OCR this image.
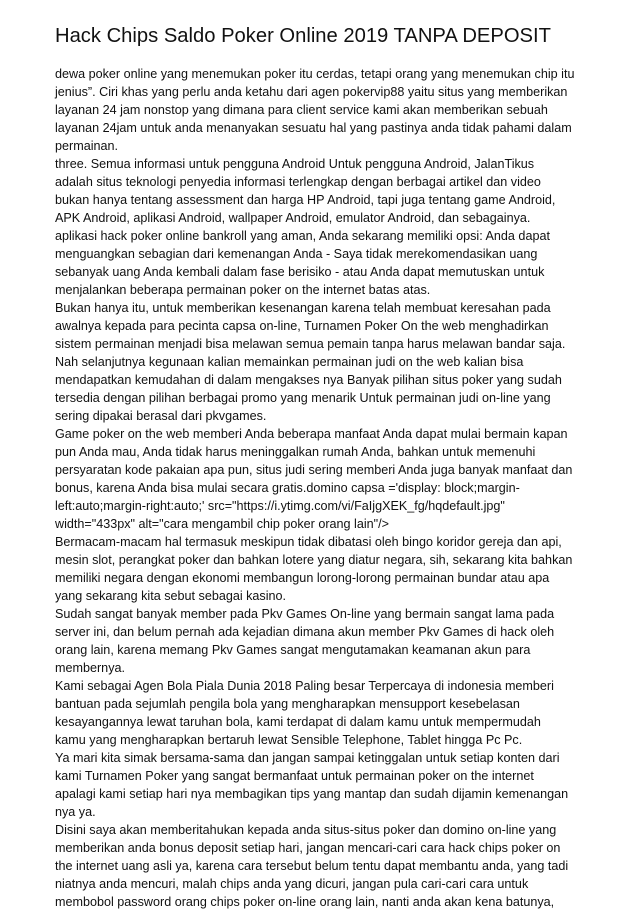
Hack Chips Saldo Poker Online 2019 TANPA DEPOSIT

dewa poker online yang menemukan poker itu cerdas, tetapi orang yang menemukan chip itu
jenius”. Ciri khas yang perlu anda ketahu dari agen pokervip88 yaitu situs yang memberikan
layanan 24 jam nonstop yang dimana para client service kami akan memberikan sebuah
layanan 24jam untuk anda menanyakan sesuatu hal yang pastinya anda tidak pahami dalam
permainan.

three. Semua informasi untuk pengguna Android Untuk pengguna Android, JalanTikus
adalah situs teknologi penyedia informasi terlengkap dengan berbagai artikel dan video
bukan hanya tentang assessment dan harga HP Android, tapi juga tentang game Android,
APK Android, aplikasi Android, wallpaper Android, emulator Android, dan sebagainya.
aplikasi hack poker online bankroll yang aman, Anda sekarang memiliki opsi: Anda dapat
menguangkan sebagian dari kemenangan Anda - Saya tidak merekomendasikan uang
sebanyak uang Anda kembali dalam fase berisiko - atau Anda dapat memutuskan untuk
menjalankan beberapa permainan poker on the internet batas atas.

Bukan hanya itu, untuk memberikan kesenangan karena telah membuat keresahan pada
awalnya kepada para pecinta capsa on-line, Turnamen Poker On the web menghadirkan
sistem permainan menjadi bisa melawan semua pemain tanpa harus melawan bandar saja.
Nah selanjutnya kegunaan kalian memainkan permainan judi on the web kalian bisa
mendapatkan kemudahan di dalam mengakses nya Banyak pilihan situs poker yang sudah
tersedia dengan pilihan berbagai promo yang menarik Untuk permainan judi on-line yang
sering dipakai berasal dari pkvgames.

Game poker on the web memberi Anda beberapa manfaat Anda dapat mulai bermain kapan
pun Anda mau, Anda tidak harus meninggalkan rumah Anda, bahkan untuk memenuhi
persyaratan kode pakaian apa pun, situs judi sering memberi Anda juga banyak manfaat dan
bonus, karena Anda bisa mulai secara gratis.domino capsa ='display: block;margin-
left:auto;margin-right:auto;' src="https://i.ytimg.com/vi/FaIjgXEK_fg/hqdefault.jpg"
width="433px" alt="cara mengambil chip poker orang lain"/>

Bermacam-macam hal termasuk meskipun tidak dibatasi oleh bingo koridor gereja dan api,
mesin slot, perangkat poker dan bahkan lotere yang diatur negara, sih, sekarang kita bahkan
memiliki negara dengan ekonomi membangun lorong-lorong permainan bundar atau apa
yang sekarang kita sebut sebagai kasino.

Sudah sangat banyak member pada Pkv Games On-line yang bermain sangat lama pada
server ini, dan belum pernah ada kejadian dimana akun member Pkv Games di hack oleh
orang lain, karena memang Pkv Games sangat mengutamakan keamanan akun para
membernya.

Kami sebagai Agen Bola Piala Dunia 2018 Paling besar Terpercaya di indonesia memberi
bantuan pada sejumlah pengila bola yang mengharapkan mensupport kesebelasan
kesayangannya lewat taruhan bola, kami terdapat di dalam kamu untuk mempermudah
kamu yang mengharapkan bertaruh lewat Sensible Telephone, Tablet hingga Pc Pc.

Ya mari kita simak bersama-sama dan jangan sampai ketinggalan untuk setiap konten dari
kami Turnamen Poker yang sangat bermanfaat untuk permainan poker on the internet
apalagi kami setiap hari nya membagikan tips yang mantap dan sudah dijamin kemenangan
nya ya.

Disini saya akan memberitahukan kepada anda situs-situs poker dan domino on-line yang
memberikan anda bonus deposit setiap hari, jangan mencari-cari cara hack chips poker on
the internet uang asli ya, karena cara tersebut belum tentu dapat membantu anda, yang tadi
niatnya anda mencuri, malah chips anda yang dicuri, jangan pula cari-cari cara untuk
membobol password orang chips poker on-line orang lain, nanti anda akan kena batunya,
